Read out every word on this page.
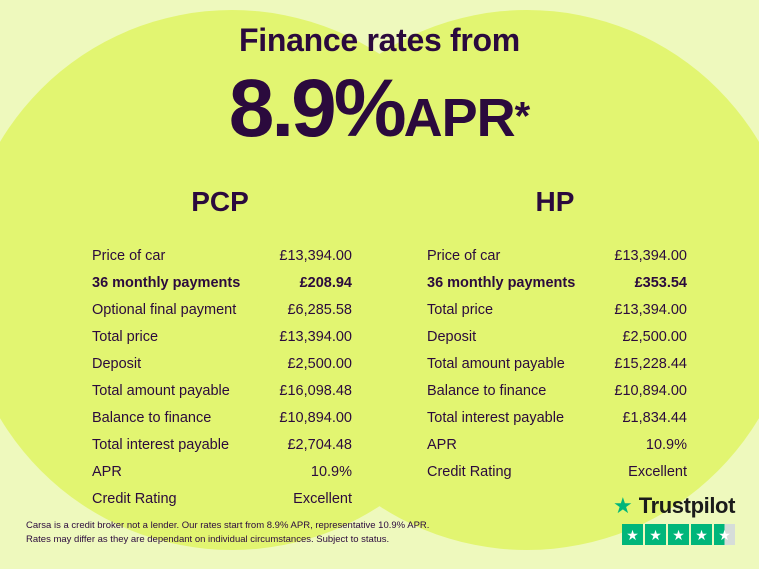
Finance rates from
8.9%APR*
PCP
Price of car	£13,394.00
36 monthly payments	£208.94
Optional final payment	£6,285.58
Total price	£13,394.00
Deposit	£2,500.00
Total amount payable	£16,098.48
Balance to finance	£10,894.00
Total interest payable	£2,704.48
APR	10.9%
Credit Rating	Excellent
HP
Price of car	£13,394.00
36 monthly payments	£353.54
Total price	£13,394.00
Deposit	£2,500.00
Total amount payable	£15,228.44
Balance to finance	£10,894.00
Total interest payable	£1,834.44
APR	10.9%
Credit Rating	Excellent
Carsa is a credit broker not a lender. Our rates start from 8.9% APR, representative 10.9% APR. Rates may differ as they are dependant on individual circumstances. Subject to status.
★ Trustpilot
★ ★ ★ ★ ★
